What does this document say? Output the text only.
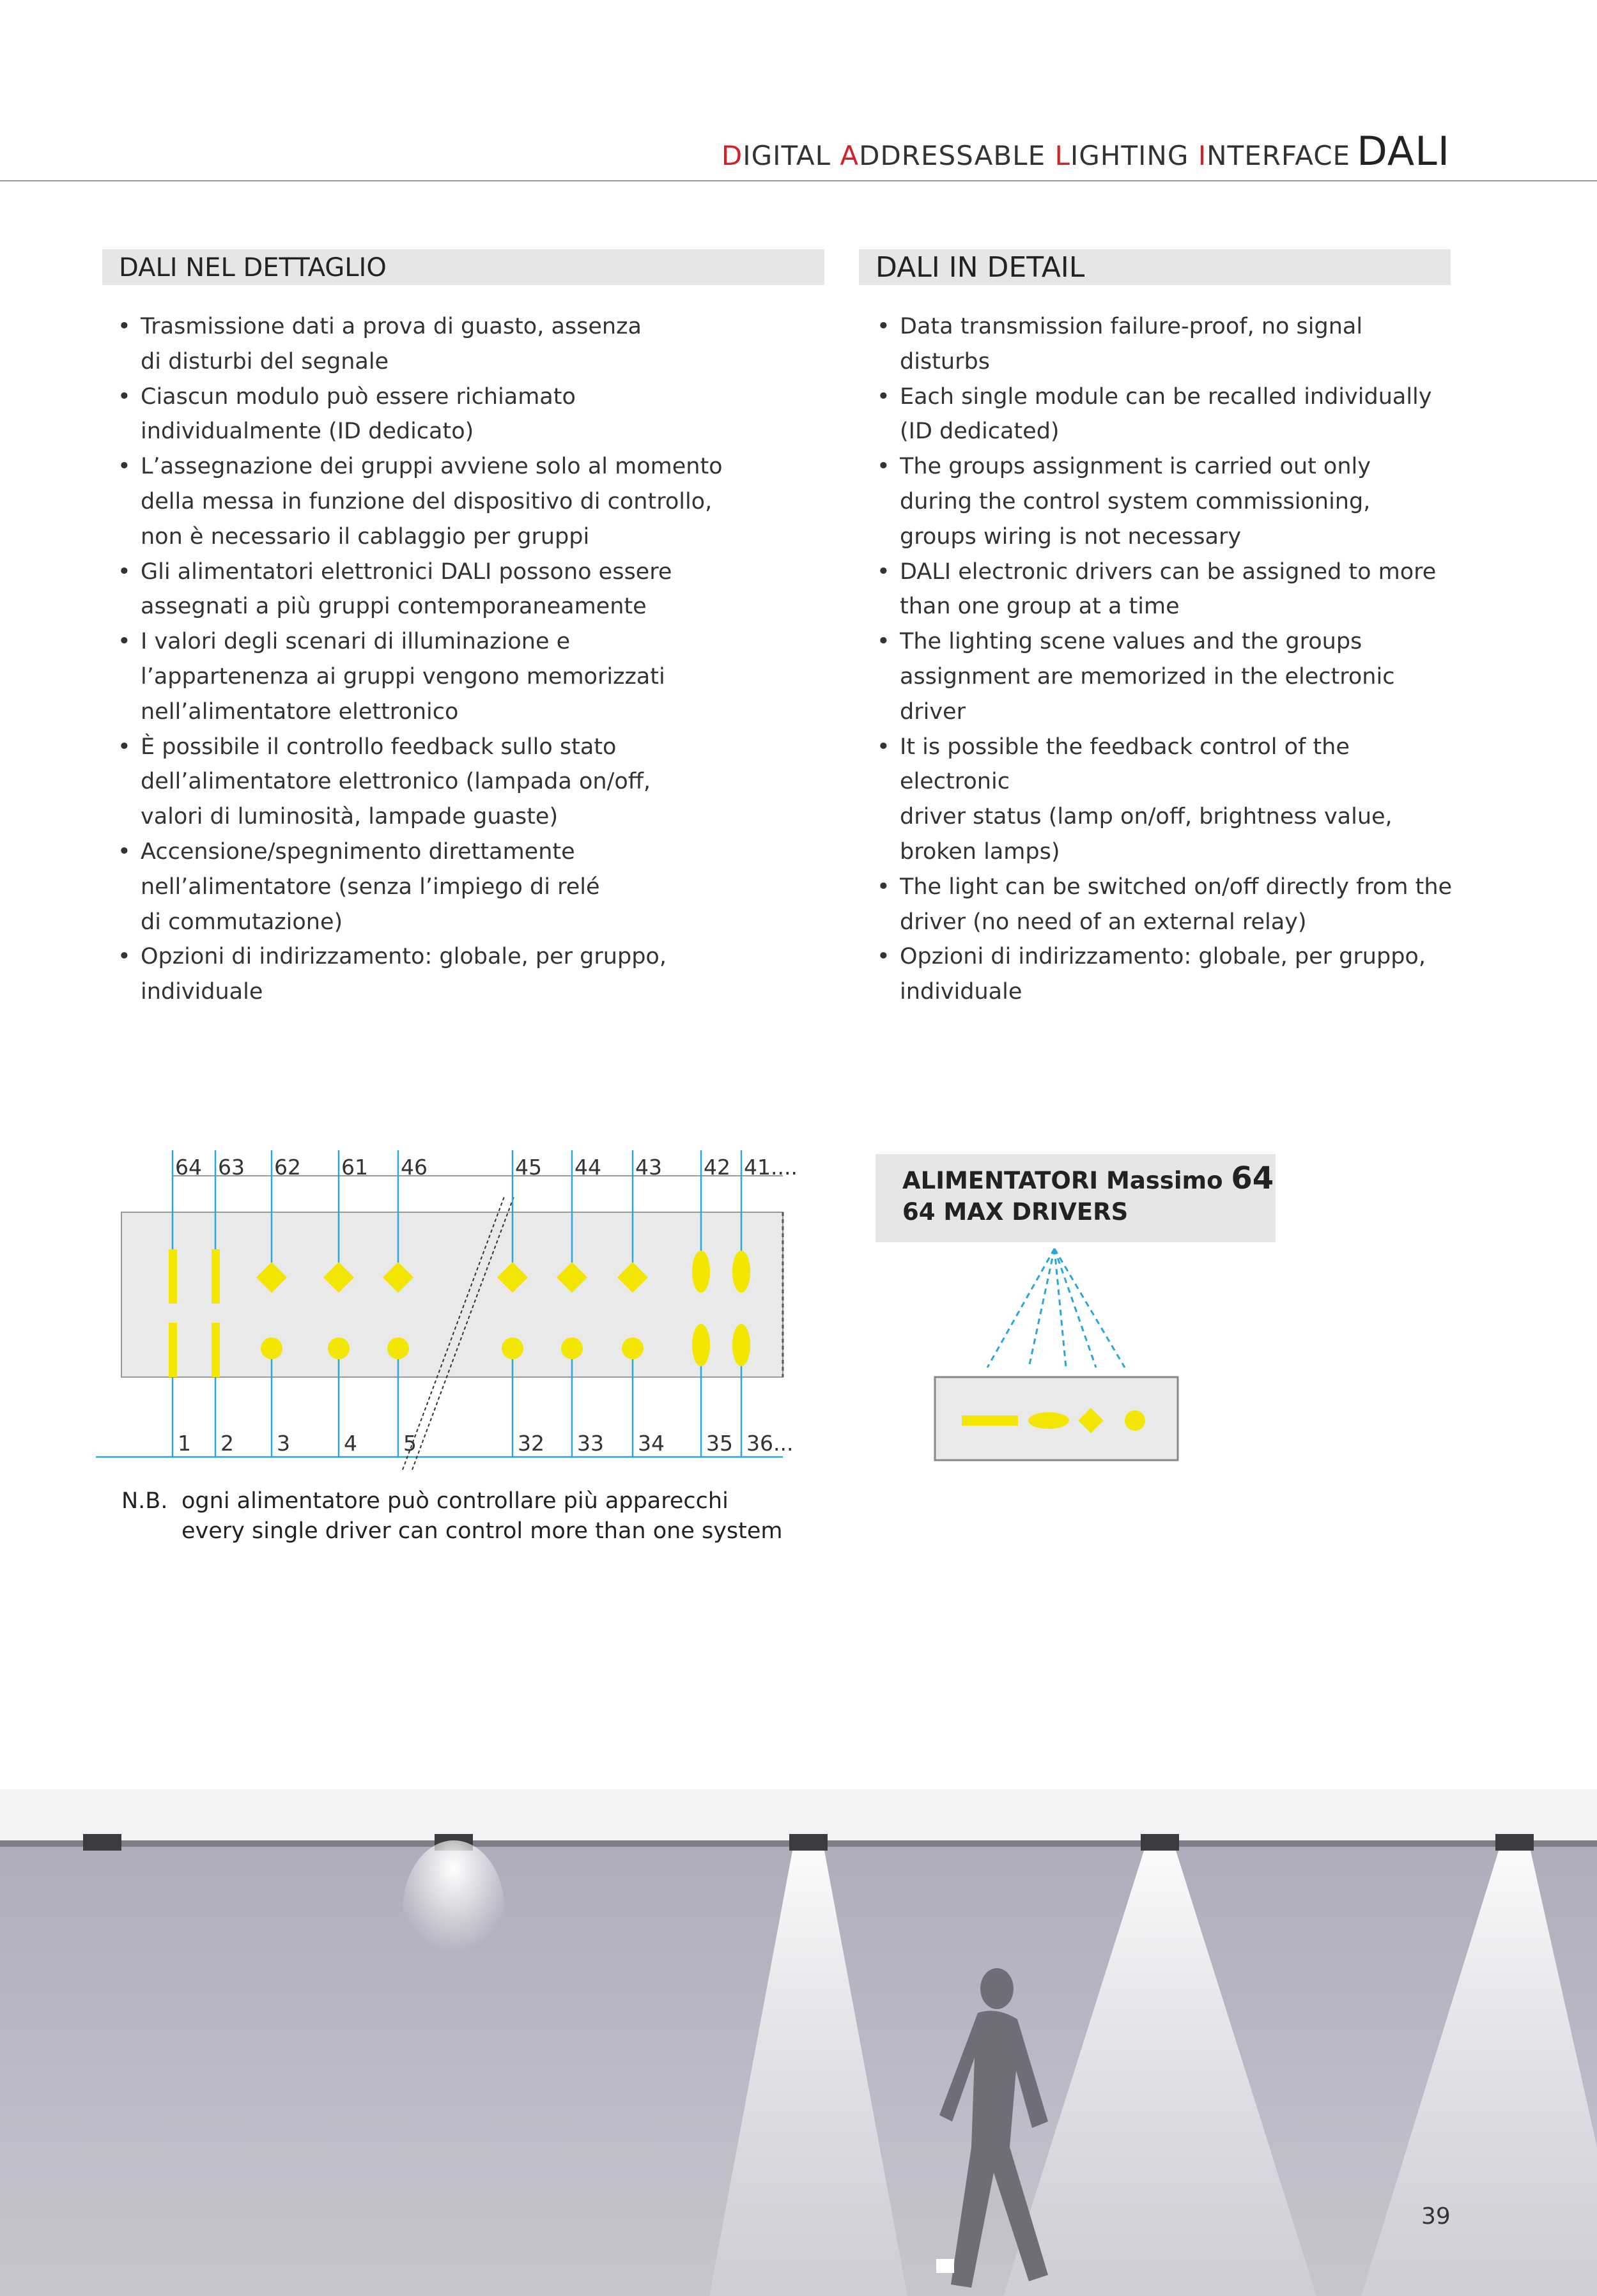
DIGITAL ADDRESSABLE LIGHTING INTERFACE DALI
DALI NEL DETTAGLIO	DALI IN DETAIL
• Trasmissione dati a prova di guasto, assenza
di disturbi del segnale
• Ciascun modulo può essere richiamato
individualmente (ID dedicato)
• L’assegnazione dei gruppi avviene solo al momento
della messa in funzione del dispositivo di controllo,
non è necessario il cablaggio per gruppi
• Gli alimentatori elettronici DALI possono essere
assegnati a più gruppi contemporaneamente
• I valori degli scenari di illuminazione e
l’appartenenza ai gruppi vengono memorizzati
nell’alimentatore elettronico
• È possibile il controllo feedback sullo stato
dell’alimentatore elettronico (lampada on/off,
valori di luminosità, lampade guaste)
• Accensione/spegnimento direttamente
nell’alimentatore (senza l’impiego di relé
di commutazione)
• Opzioni di indirizzamento: globale, per gruppo,
individuale
• Data transmission failure-proof, no signal disturbs
• Each single module can be recalled individually
(ID dedicated)
• The groups assignment is carried out only
during the control system commissioning,
groups wiring is not necessary
• DALI electronic drivers can be assigned to more
than one group at a time
• The lighting scene values and the groups
assignment are memorized in the electronic driver
• It is possible the feedback control of the electronic
driver status (lamp on/off, brightness value,
broken lamps)
• The light can be switched on/off directly from the
driver (no need of an external relay)
• Opzioni di indirizzamento: globale, per gruppo,
individuale
64
1
63
2
62
3
61
4
46
5
45
32
44
33
43
34
42
35
41....
36...
ALIMENTATORI Massimo 64
64 MAX DRIVERS
N.B. ogni alimentatore può controllare più apparecchi
every single driver can control more than one system
39
